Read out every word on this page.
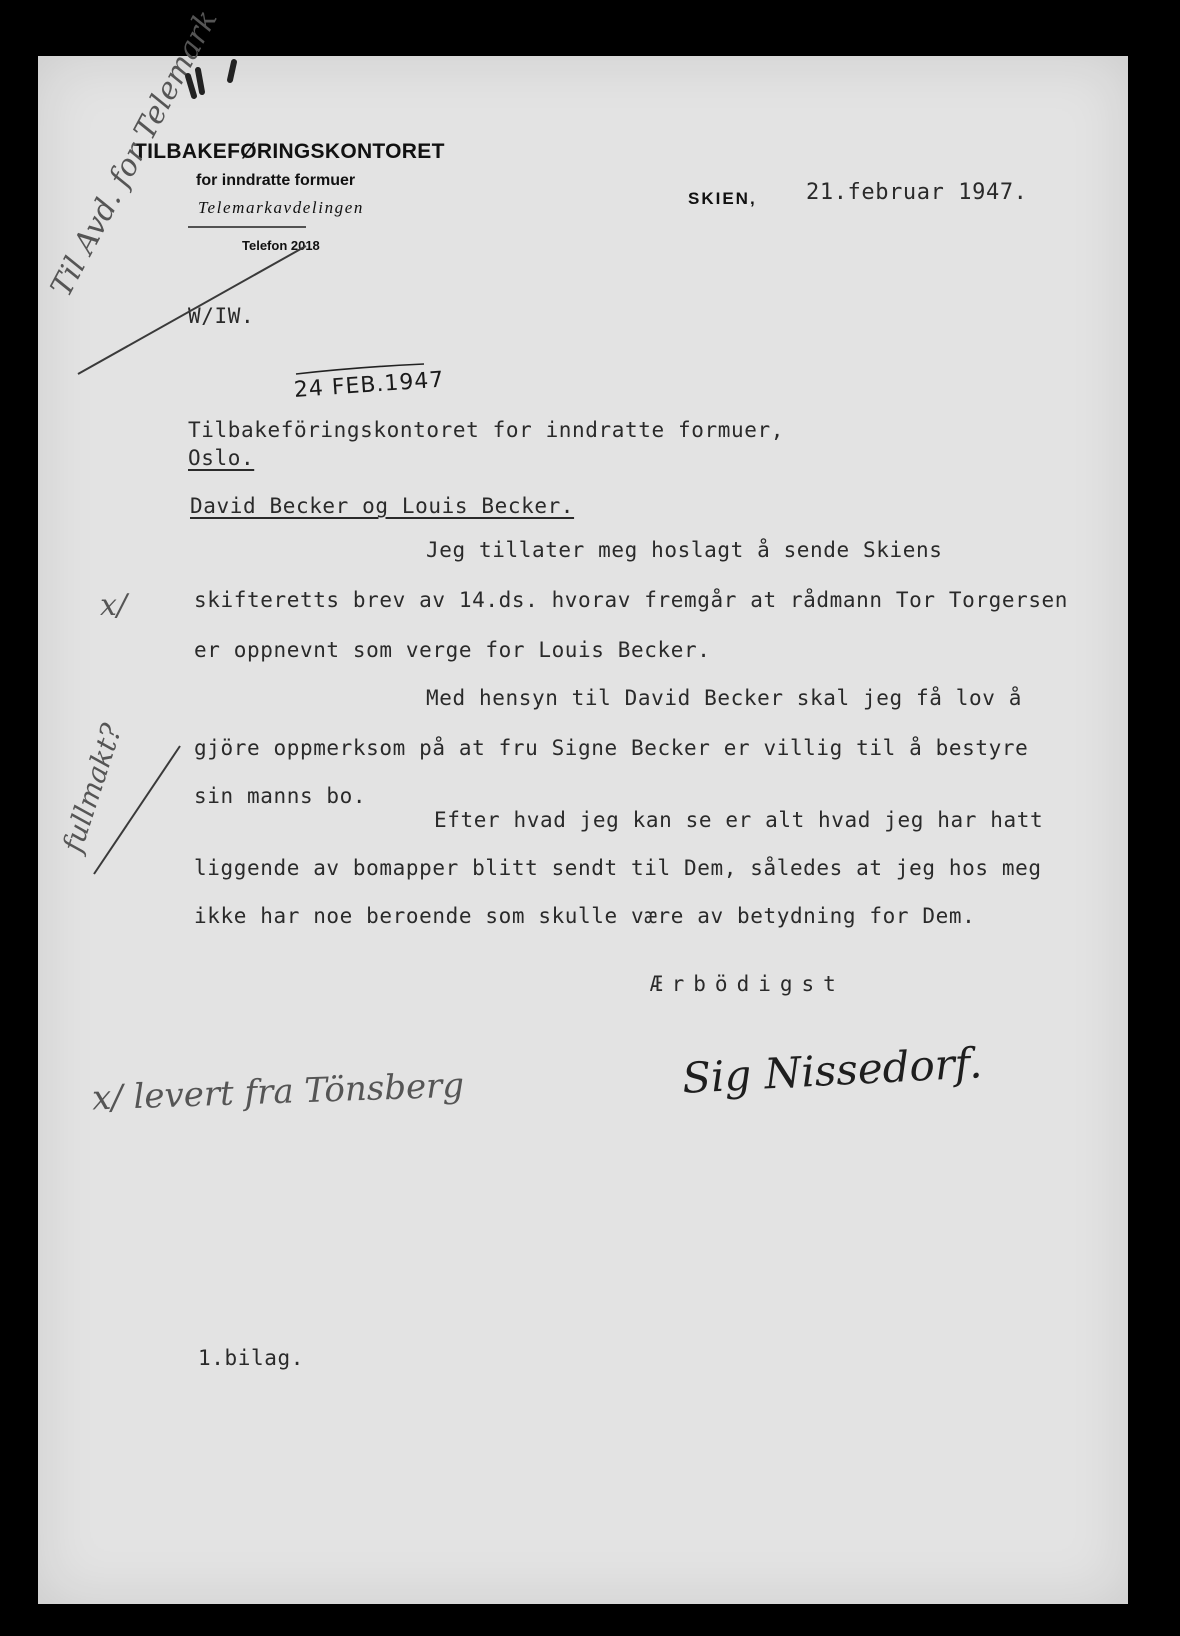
TILBAKEFØRINGSKONTORET
for inndratte formuer
Telemarkavdelingen
Telefon 2018
SKIEN, 21.februar 1947.
W/IW.
24 FEB.1947
Tilbakeföringskontoret for inndratte formuer,
Oslo.
David Becker og Louis Becker.
Jeg tillater meg hoslagt å sende Skiens
skifteretts brev av 14.ds. hvorav fremgår at rådmann Tor Torgersen
er oppnevnt som verge for Louis Becker.
Med hensyn til David Becker skal jeg få lov å
gjöre oppmerksom på at fru Signe Becker er villig til å bestyre
sin manns bo.
Efter hvad jeg kan se er alt hvad jeg har hatt
liggende av bomapper blitt sendt til Dem, således at jeg hos meg
ikke har noe beroende som skulle være av betydning for Dem.
Ærbödigst
1.bilag.
Til Avd. for Telemark
x/
fullmakt?
x/ levert fra Tönsberg	Sig Nissedorf.
